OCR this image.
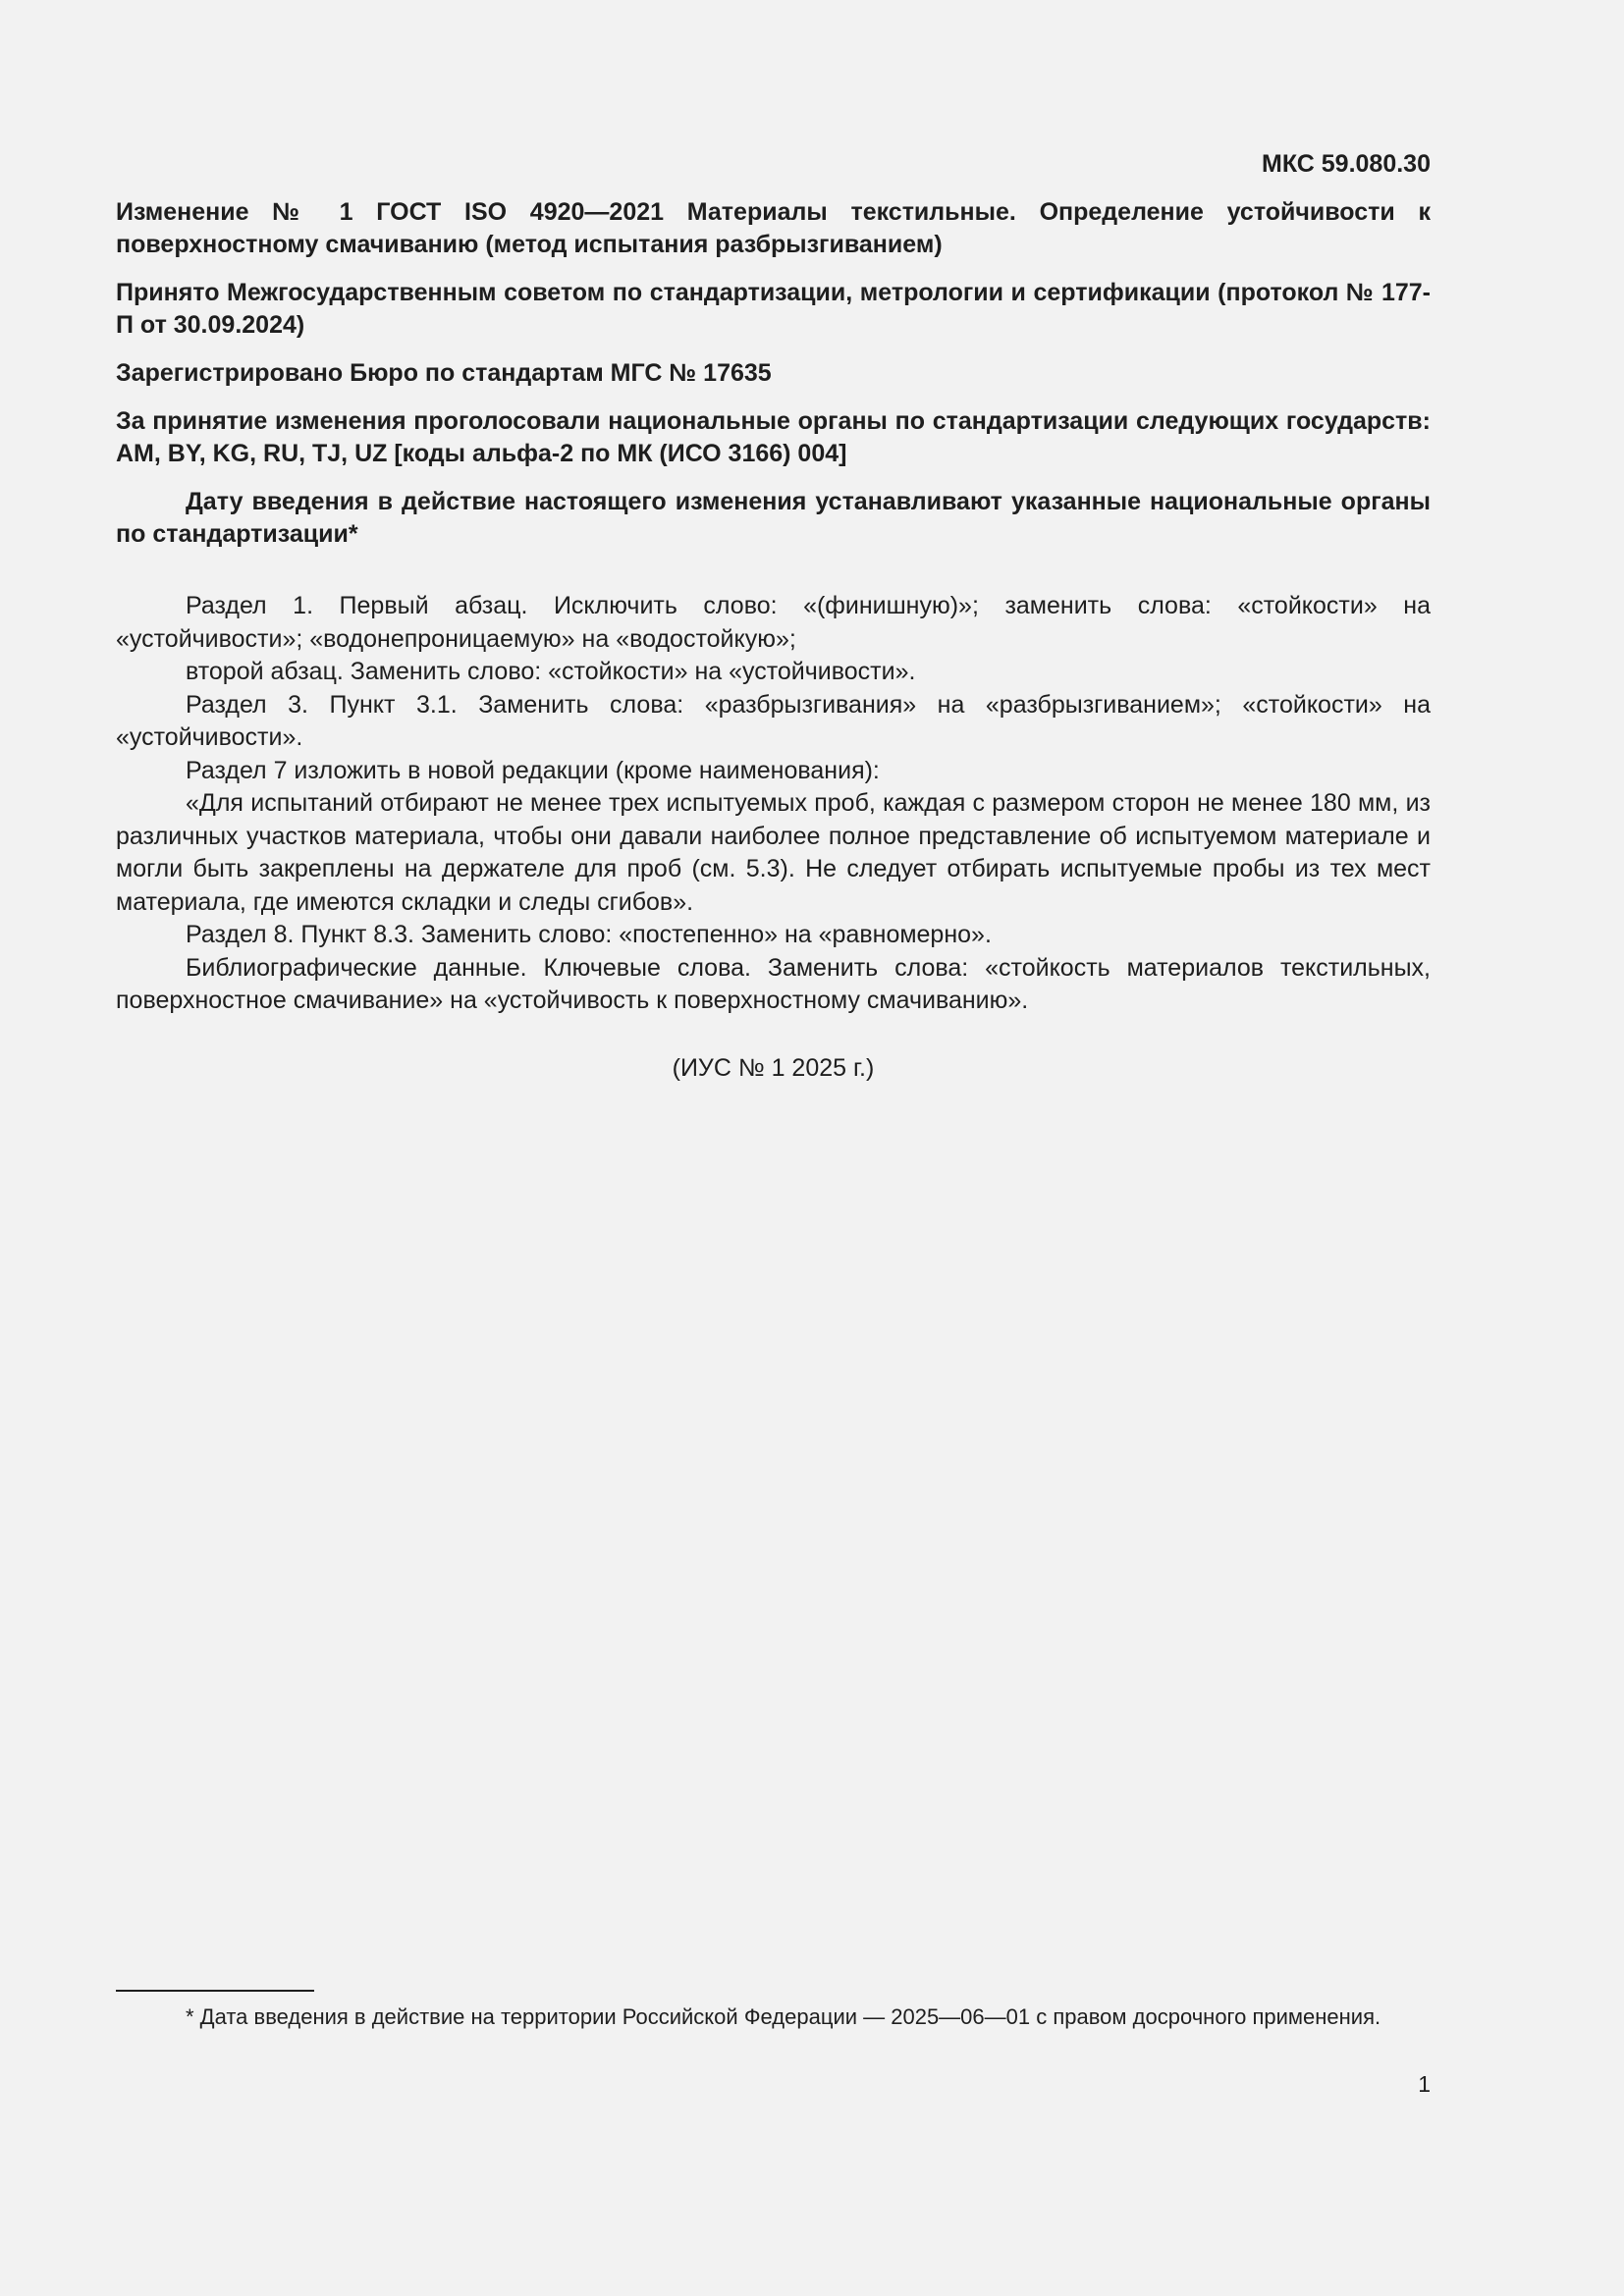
МКС 59.080.30

Изменение № 1 ГОСТ ISO 4920—2021 Материалы текстильные. Определение устойчивости к поверхностному смачиванию (метод испытания разбрызгиванием)

Принято Межгосударственным советом по стандартизации, метрологии и сертификации (протокол № 177-П от 30.09.2024)

Зарегистрировано Бюро по стандартам МГС № 17635

За принятие изменения проголосовали национальные органы по стандартизации следующих государств: AM, BY, KG, RU, TJ, UZ [коды альфа-2 по МК (ИСО 3166) 004]

Дату введения в действие настоящего изменения устанавливают указанные национальные органы по стандартизации*

Раздел 1. Первый абзац. Исключить слово: «(финишную)»; заменить слова: «стойкости» на «устойчивости»; «водонепроницаемую» на «водостойкую»;

второй абзац. Заменить слово: «стойкости» на «устойчивости».

Раздел 3. Пункт 3.1. Заменить слова: «разбрызгивания» на «разбрызгиванием»; «стойкости» на «устойчивости».

Раздел 7 изложить в новой редакции (кроме наименования):

«Для испытаний отбирают не менее трех испытуемых проб, каждая с размером сторон не менее 180 мм, из различных участков материала, чтобы они давали наиболее полное представление об испытуемом материале и могли быть закреплены на держателе для проб (см. 5.3). Не следует отбирать испытуемые пробы из тех мест материала, где имеются складки и следы сгибов».

Раздел 8. Пункт 8.3. Заменить слово: «постепенно» на «равномерно».

Библиографические данные. Ключевые слова. Заменить слова: «стойкость материалов текстильных, поверхностное смачивание» на «устойчивость к поверхностному смачиванию».

(ИУС № 1 2025 г.)

* Дата введения в действие на территории Российской Федерации — 2025—06—01 с правом досрочного применения.

1
